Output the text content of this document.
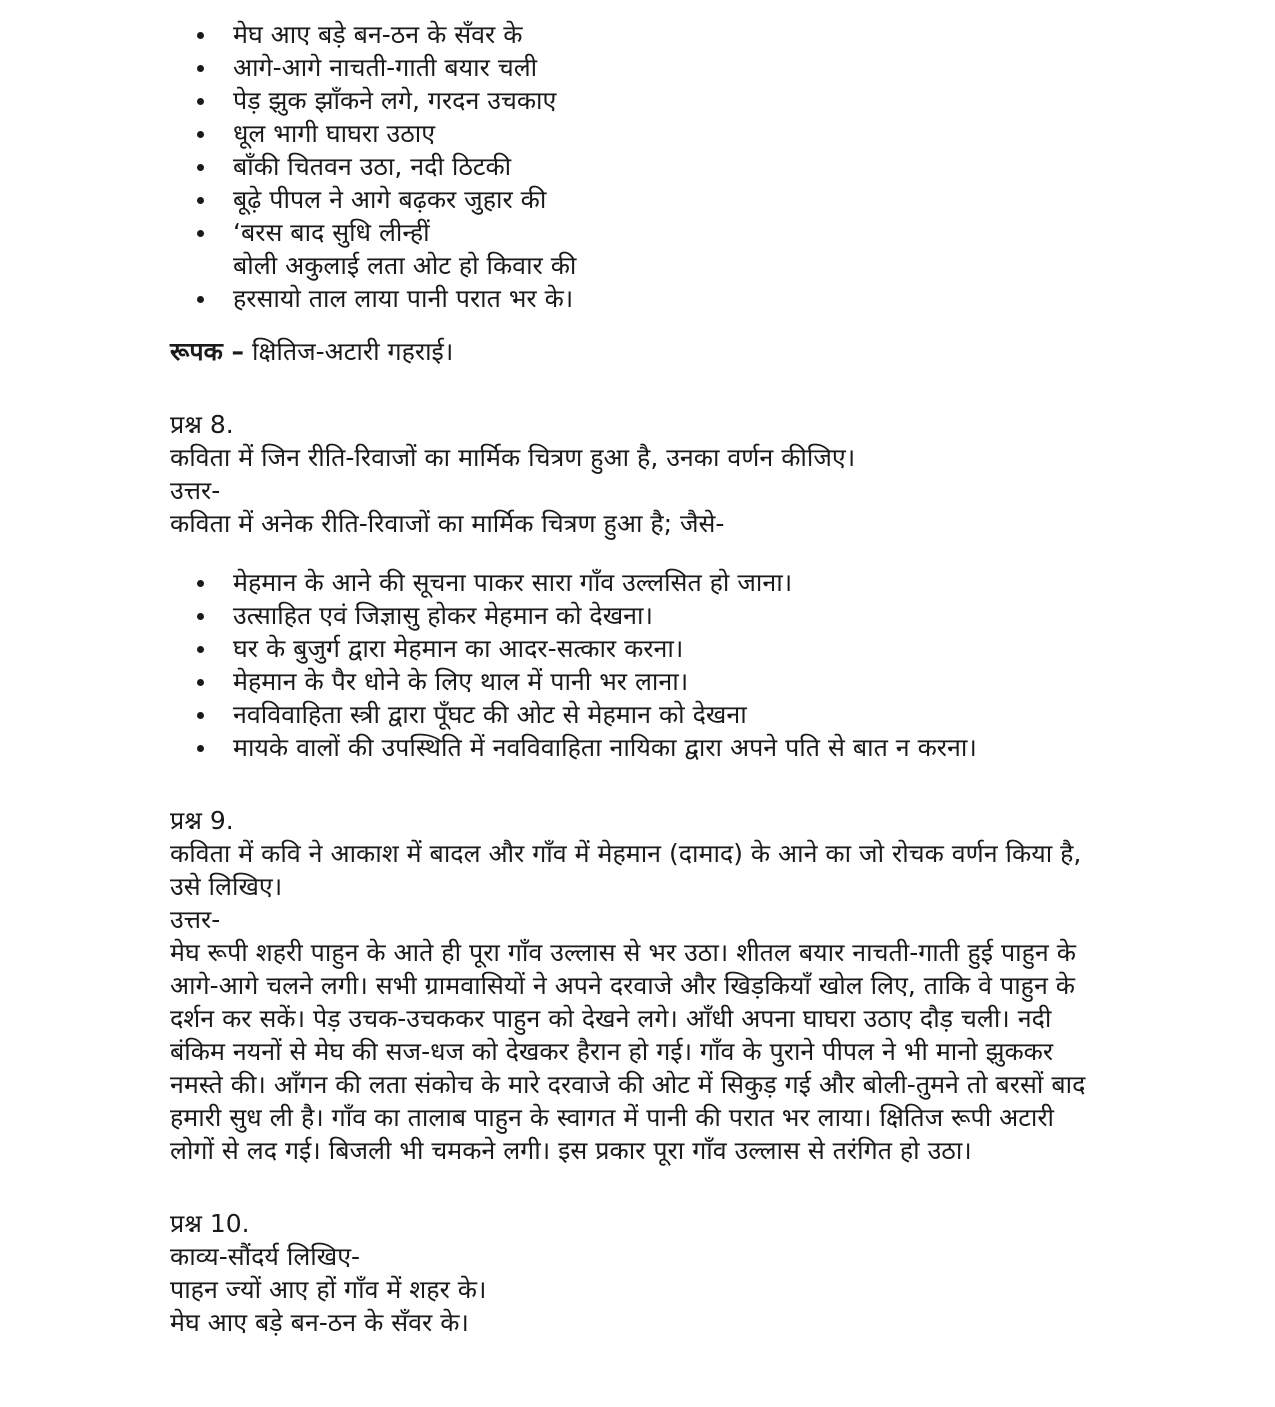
मेघ आए बड़े बन-ठन के सँवर के
आगे-आगे नाचती-गाती बयार चली
पेड़ झुक झाँकने लगे, गरदन उचकाए
धूल भागी घाघरा उठाए
बाँकी चितवन उठा, नदी ठिटकी
बूढ़े पीपल ने आगे बढ़कर जुहार की
‘बरस बाद सुधि लीन्हीं
बोली अकुलाई लता ओट हो किवार की
हरसायो ताल लाया पानी परात भर के।
रूपक – क्षितिज-अटारी गहराई।
प्रश्न 8.
कविता में जिन रीति-रिवाजों का मार्मिक चित्रण हुआ है, उनका वर्णन कीजिए।
उत्तर-
कविता में अनेक रीति-रिवाजों का मार्मिक चित्रण हुआ है; जैसे-
मेहमान के आने की सूचना पाकर सारा गाँव उल्लसित हो जाना।
उत्साहित एवं जिज्ञासु होकर मेहमान को देखना।
घर के बुजुर्ग द्वारा मेहमान का आदर-सत्कार करना।
मेहमान के पैर धोने के लिए थाल में पानी भर लाना।
नवविवाहिता स्त्री द्वारा पूँघट की ओट से मेहमान को देखना
मायके वालों की उपस्थिति में नवविवाहिता नायिका द्वारा अपने पति से बात न करना।
प्रश्न 9.
कविता में कवि ने आकाश में बादल और गाँव में मेहमान (दामाद) के आने का जो रोचक वर्णन किया है,
उसे लिखिए।
उत्तर-
मेघ रूपी शहरी पाहुन के आते ही पूरा गाँव उल्लास से भर उठा। शीतल बयार नाचती-गाती हुई पाहुन के
आगे-आगे चलने लगी। सभी ग्रामवासियों ने अपने दरवाजे और खिड़कियाँ खोल लिए, ताकि वे पाहुन के
दर्शन कर सकें। पेड़ उचक-उचककर पाहुन को देखने लगे। आँधी अपना घाघरा उठाए दौड़ चली। नदी
बंकिम नयनों से मेघ की सज-धज को देखकर हैरान हो गई। गाँव के पुराने पीपल ने भी मानो झुककर
नमस्ते की। आँगन की लता संकोच के मारे दरवाजे की ओट में सिकुड़ गई और बोली-तुमने तो बरसों बाद
हमारी सुध ली है। गाँव का तालाब पाहुन के स्वागत में पानी की परात भर लाया। क्षितिज रूपी अटारी
लोगों से लद गई। बिजली भी चमकने लगी। इस प्रकार पूरा गाँव उल्लास से तरंगित हो उठा।
प्रश्न 10.
काव्य-सौंदर्य लिखिए-
पाहन ज्यों आए हों गाँव में शहर के।
मेघ आए बड़े बन-ठन के सँवर के।
